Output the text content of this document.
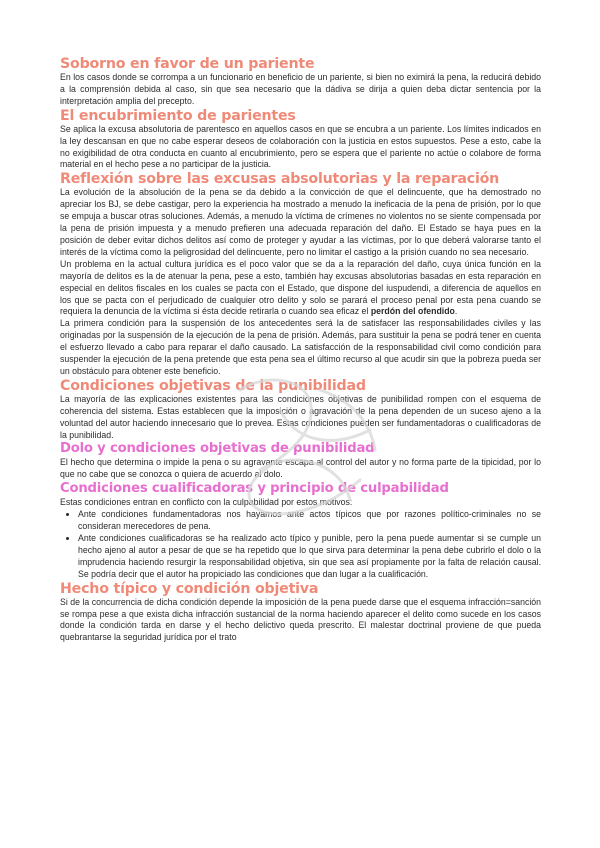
Soborno en favor de un pariente

En los casos donde se corrompa a un funcionario en beneficio de un pariente, si bien no eximirá la pena, la reducirá debido a la comprensión debida al caso, sin que sea necesario que la dádiva se dirija a quien deba dictar sentencia por la interpretación amplia del precepto.

El encubrimiento de parientes

Se aplica la excusa absolutoria de parentesco en aquellos casos en que se encubra a un pariente. Los límites indicados en la ley descansan en que no cabe esperar deseos de colaboración con la justicia en estos supuestos. Pese a esto, cabe la no exigibilidad de otra conducta en cuanto al encubrimiento, pero se espera que el pariente no actúe o colabore de forma material en el hecho pese a no participar de la justicia.

Reflexión sobre las excusas absolutorias y la reparación

La evolución de la absolución de la pena se da debido a la convicción de que el delincuente, que ha demostrado no apreciar los BJ, se debe castigar, pero la experiencia ha mostrado a menudo la ineficacia de la pena de prisión, por lo que se empuja a buscar otras soluciones. Además, a menudo la víctima de crímenes no violentos no se siente compensada por la pena de prisión impuesta y a menudo prefieren una adecuada reparación del daño. El Estado se haya pues en la posición de deber evitar dichos delitos así como de proteger y ayudar a las víctimas, por lo que deberá valorarse tanto el interés de la víctima como la peligrosidad del delincuente, pero no limitar el castigo a la prisión cuando no sea necesario.

Un problema en la actual cultura jurídica es el poco valor que se da a la reparación del daño, cuya única función en la mayoría de delitos es la de atenuar la pena, pese a esto, también hay excusas absolutorias basadas en esta reparación en especial en delitos fiscales en los cuales se pacta con el Estado, que dispone del iuspudendi, a diferencia de aquellos en los que se pacta con el perjudicado de cualquier otro delito y solo se parará el proceso penal por esta pena cuando se requiera la denuncia de la víctima si ésta decide retirarla o cuando sea eficaz el perdón del ofendido.

La primera condición para la suspensión de los antecedentes será la de satisfacer las responsabilidades civiles y las originadas por la suspensión de la ejecución de la pena de prisión. Además, para sustituir la pena se podrá tener en cuenta el esfuerzo llevado a cabo para reparar el daño causado. La satisfacción de la responsabilidad civil como condición para suspender la ejecución de la pena pretende que esta pena sea el último recurso al que acudir sin que la pobreza pueda ser un obstáculo para obtener este beneficio.

Condiciones objetivas de la punibilidad

La mayoría de las explicaciones existentes para las condiciones objetivas de punibilidad rompen con el esquema de coherencia del sistema. Estas establecen que la imposición o agravación de la pena dependen de un suceso ajeno a la voluntad del autor haciendo innecesario que lo prevea. Estas condiciones pueden ser fundamentadoras o cualificadoras de la punibilidad.

Dolo y condiciones objetivas de punibilidad

El hecho que determina o impide la pena o su agravante escapa al control del autor y no forma parte de la tipicidad, por lo que no cabe que se conozca o quiera de acuerdo al dolo.

Condiciones cualificadoras y principio de culpabilidad

Estas condiciones entran en conflicto con la culpabilidad por estos motivos:

• Ante condiciones fundamentadoras nos hayamos ante actos típicos que por razones político-criminales no se consideran merecedores de pena.
• Ante condiciones cualificadoras se ha realizado acto típico y punible, pero la pena puede aumentar si se cumple un hecho ajeno al autor a pesar de que se ha repetido que lo que sirva para determinar la pena debe cubrirlo el dolo o la imprudencia haciendo resurgir la responsabilidad objetiva, sin que sea así propiamente por la falta de relación causal. Se podría decir que el autor ha propiciado las condiciones que dan lugar a la cualificación.
Hecho típico y condición objetiva

Si de la concurrencia de dicha condición depende la imposición de la pena puede darse que el esquema infracción=sanción se rompa pese a que exista dicha infracción sustancial de la norma haciendo aparecer el delito como sucede en los casos donde la condición tarda en darse y el hecho delictivo queda prescrito. El malestar doctrinal proviene de que pueda quebrantarse la seguridad jurídica por el trato
